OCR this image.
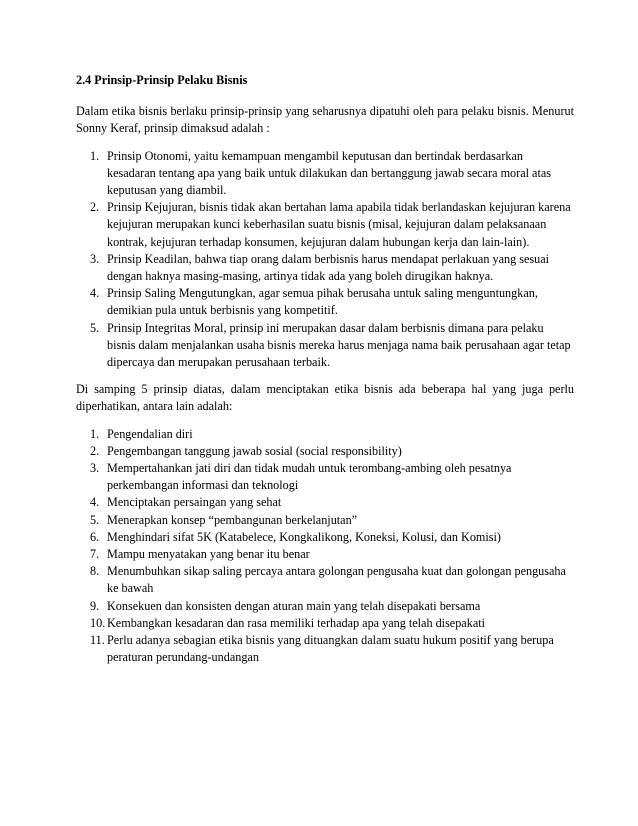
2.4 Prinsip-Prinsip Pelaku Bisnis
Dalam etika bisnis berlaku prinsip-prinsip yang seharusnya dipatuhi oleh para pelaku bisnis. Menurut Sonny Keraf, prinsip dimaksud adalah :
1. Prinsip Otonomi, yaitu kemampuan mengambil keputusan dan bertindak berdasarkan kesadaran tentang apa yang baik untuk dilakukan dan bertanggung jawab secara moral atas keputusan yang diambil.
2. Prinsip Kejujuran, bisnis tidak akan bertahan lama apabila tidak berlandaskan kejujuran karena kejujuran merupakan kunci keberhasilan suatu bisnis (misal, kejujuran dalam pelaksanaan kontrak, kejujuran terhadap konsumen, kejujuran dalam hubungan kerja dan lain-lain).
3. Prinsip Keadilan, bahwa tiap orang dalam berbisnis harus mendapat perlakuan yang sesuai dengan haknya masing-masing, artinya tidak ada yang boleh dirugikan haknya.
4. Prinsip Saling Mengutungkan, agar semua pihak berusaha untuk saling menguntungkan, demikian pula untuk berbisnis yang kompetitif.
5. Prinsip Integritas Moral, prinsip ini merupakan dasar dalam berbisnis dimana para pelaku bisnis dalam menjalankan usaha bisnis mereka harus menjaga nama baik perusahaan agar tetap dipercaya dan merupakan perusahaan terbaik.
Di samping 5 prinsip diatas, dalam menciptakan etika bisnis ada beberapa hal yang juga perlu diperhatikan, antara lain adalah:
1. Pengendalian diri
2. Pengembangan tanggung jawab sosial (social responsibility)
3. Mempertahankan jati diri dan tidak mudah untuk terombang-ambing oleh pesatnya perkembangan informasi dan teknologi
4. Menciptakan persaingan yang sehat
5. Menerapkan konsep “pembangunan berkelanjutan”
6. Menghindari sifat 5K (Katabelece, Kongkalikong, Koneksi, Kolusi, dan Komisi)
7. Mampu menyatakan yang benar itu benar
8. Menumbuhkan sikap saling percaya antara golongan pengusaha kuat dan golongan pengusaha ke bawah
9. Konsekuen dan konsisten dengan aturan main yang telah disepakati bersama
10. Kembangkan kesadaran dan rasa memiliki terhadap apa yang telah disepakati
11. Perlu adanya sebagian etika bisnis yang dituangkan dalam suatu hukum positif yang berupa peraturan perundang-undangan
